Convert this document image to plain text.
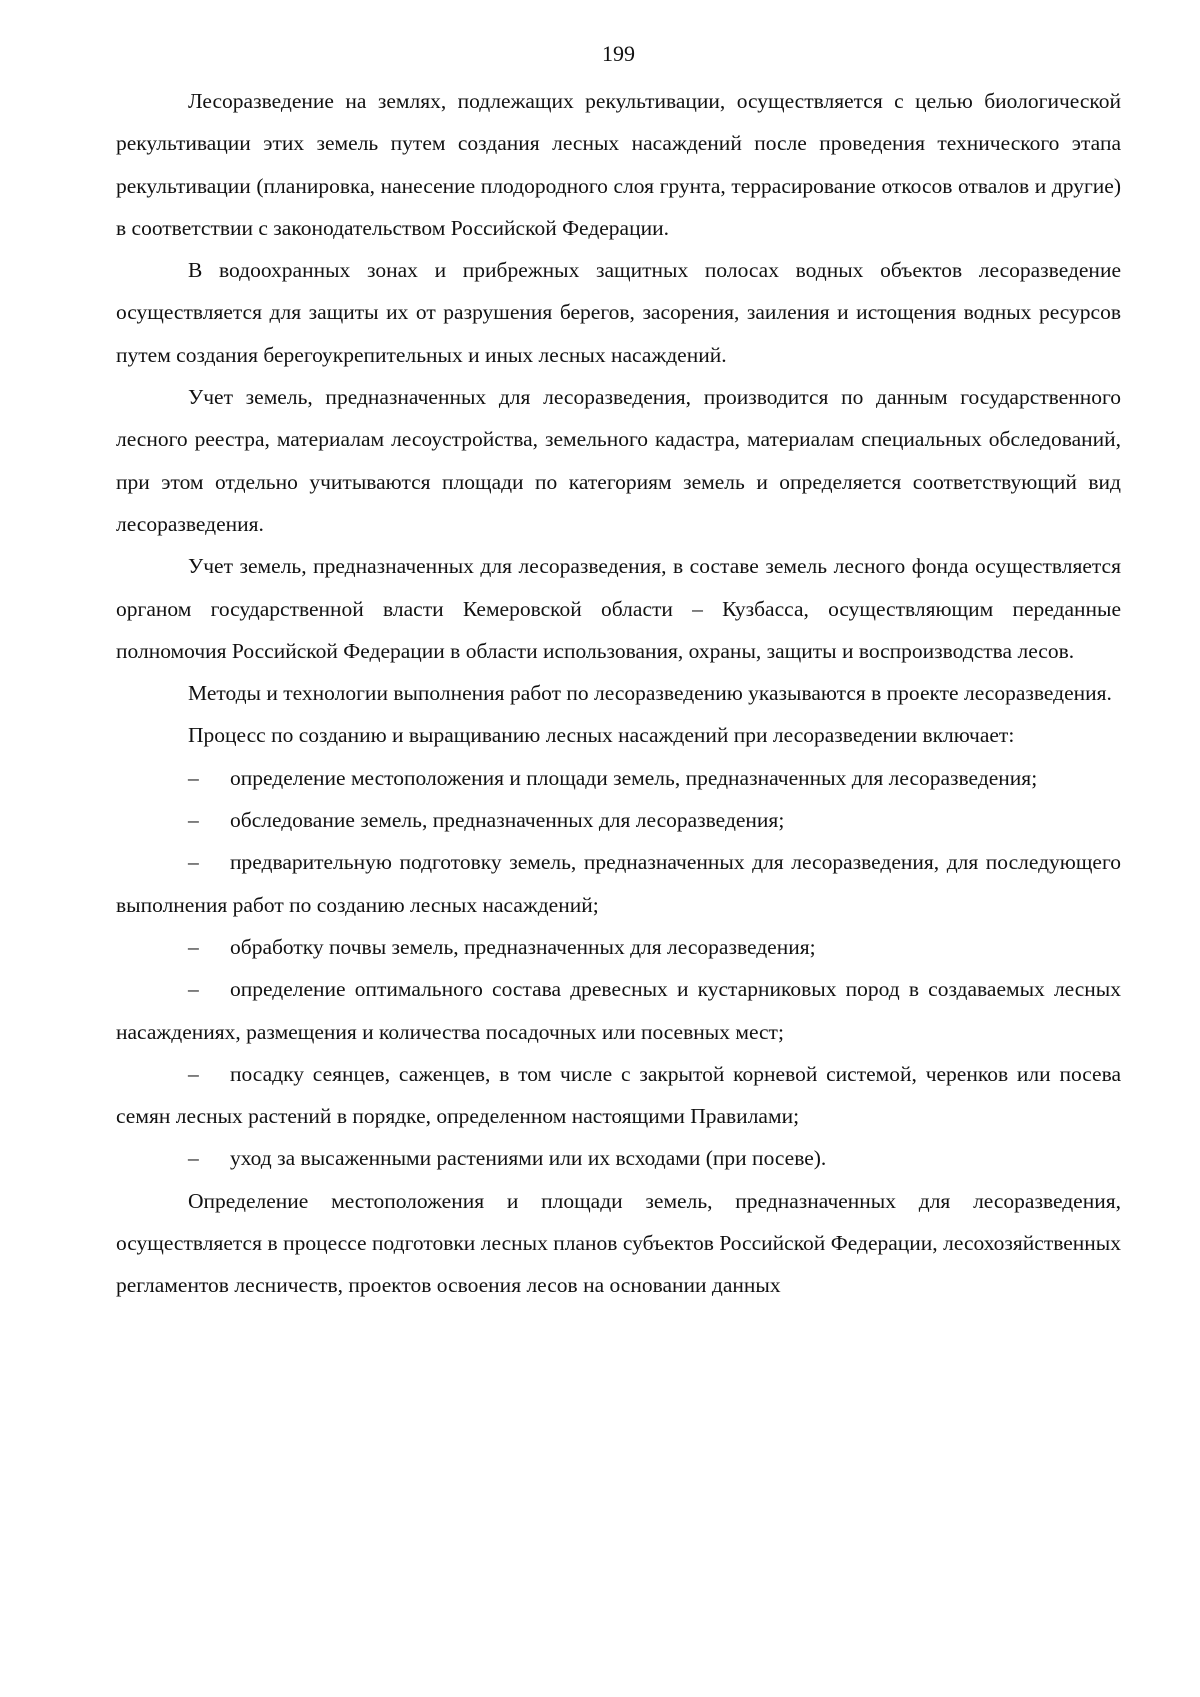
199

Лесоразведение на землях, подлежащих рекультивации, осуществляется с целью биологической рекультивации этих земель путем создания лесных насаждений после проведения технического этапа рекультивации (планировка, нанесение плодородного слоя грунта, террасирование откосов отвалов и другие) в соответствии с законодательством Российской Федерации.

В водоохранных зонах и прибрежных защитных полосах водных объектов лесоразведение осуществляется для защиты их от разрушения берегов, засорения, заиления и истощения водных ресурсов путем создания берегоукрепительных и иных лесных насаждений.

Учет земель, предназначенных для лесоразведения, производится по данным государственного лесного реестра, материалам лесоустройства, земельного кадастра, материалам специальных обследований, при этом отдельно учитываются площади по категориям земель и определяется соответствующий вид лесоразведения.

Учет земель, предназначенных для лесоразведения, в составе земель лесного фонда осуществляется органом государственной власти Кемеровской области – Кузбасса, осуществляющим переданные полномочия Российской Федерации в области использования, охраны, защиты и воспроизводства лесов.

Методы и технологии выполнения работ по лесоразведению указываются в проекте лесоразведения.

Процесс по созданию и выращиванию лесных насаждений при лесоразведении включает:

– определение местоположения и площади земель, предназначенных для лесоразведения;

– обследование земель, предназначенных для лесоразведения;

– предварительную подготовку земель, предназначенных для лесоразведения, для последующего выполнения работ по созданию лесных насаждений;

– обработку почвы земель, предназначенных для лесоразведения;

– определение оптимального состава древесных и кустарниковых пород в создаваемых лесных насаждениях, размещения и количества посадочных или посевных мест;

– посадку сеянцев, саженцев, в том числе с закрытой корневой системой, черенков или посева семян лесных растений в порядке, определенном настоящими Правилами;

– уход за высаженными растениями или их всходами (при посеве).

Определение местоположения и площади земель, предназначенных для лесоразведения, осуществляется в процессе подготовки лесных планов субъектов Российской Федерации, лесохозяйственных регламентов лесничеств, проектов освоения лесов на основании данных
